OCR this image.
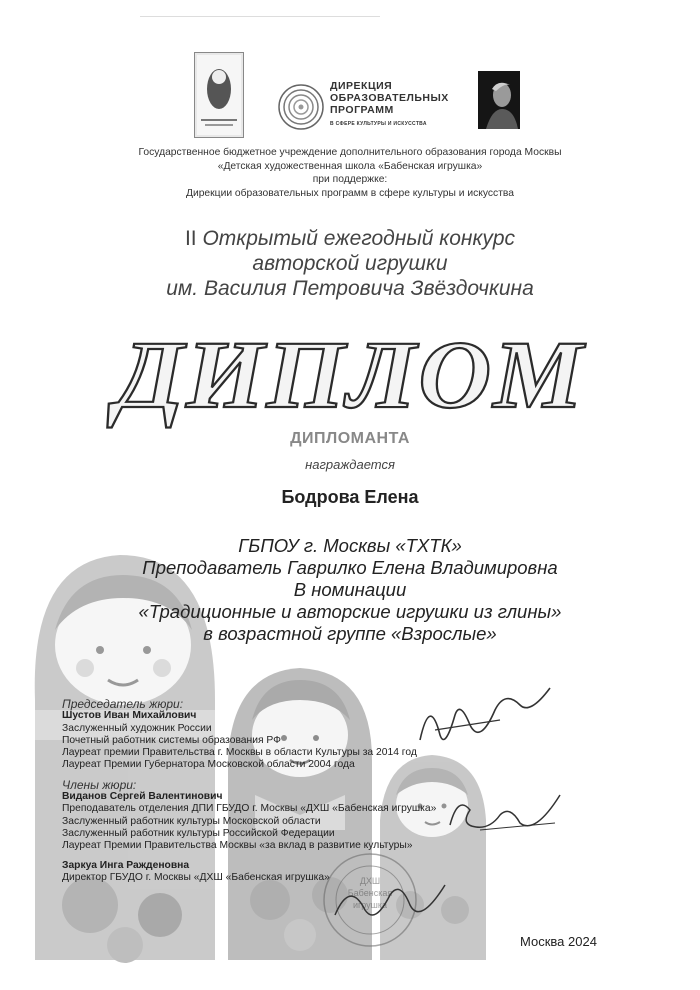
ДХШ
Бабенская
игрушка
ДИРЕКЦИЯ
ОБРАЗОВАТЕЛЬНЫХ
ПРОГРАММ
В СФЕРЕ КУЛЬТУРЫ И ИСКУССТВА
Государственное бюджетное учреждение дополнительного образования города Москвы
«Детская художественная школа «Бабенская игрушка»
при поддержке:
Дирекции образовательных программ в сфере культуры и искусства
II Открытый ежегодный конкурс
авторской игрушки
им. Василия Петровича Звёздочкина
ДИПЛОМ
ДИПЛОМАНТА
награждается
Бодрова Елена
ГБПОУ г. Москвы «ТХТК»
Преподаватель Гаврилко Елена Владимировна
В номинации
«Традиционные и авторские игрушки из глины»
в возрастной группе «Взрослые»
Председатель жюри:
Шустов Иван Михайлович
Заслуженный художник России
Почетный работник системы образования РФ
Лауреат премии Правительства г. Москвы в области Культуры за 2014 год
Лауреат Премии Губернатора Московской области 2004 года
Члены жюри:
Виданов Сергей Валентинович
Преподаватель отделения ДПИ ГБУДО г. Москвы «ДХШ «Бабенская игрушка»
Заслуженный работник культуры Московской области
Заслуженный работник культуры Российской Федерации
Лауреат Премии Правительства Москвы «за вклад в развитие культуры»
Заркуа Инга Ражденовна
Директор ГБУДО г. Москвы «ДХШ «Бабенская игрушка»
Москва 2024
